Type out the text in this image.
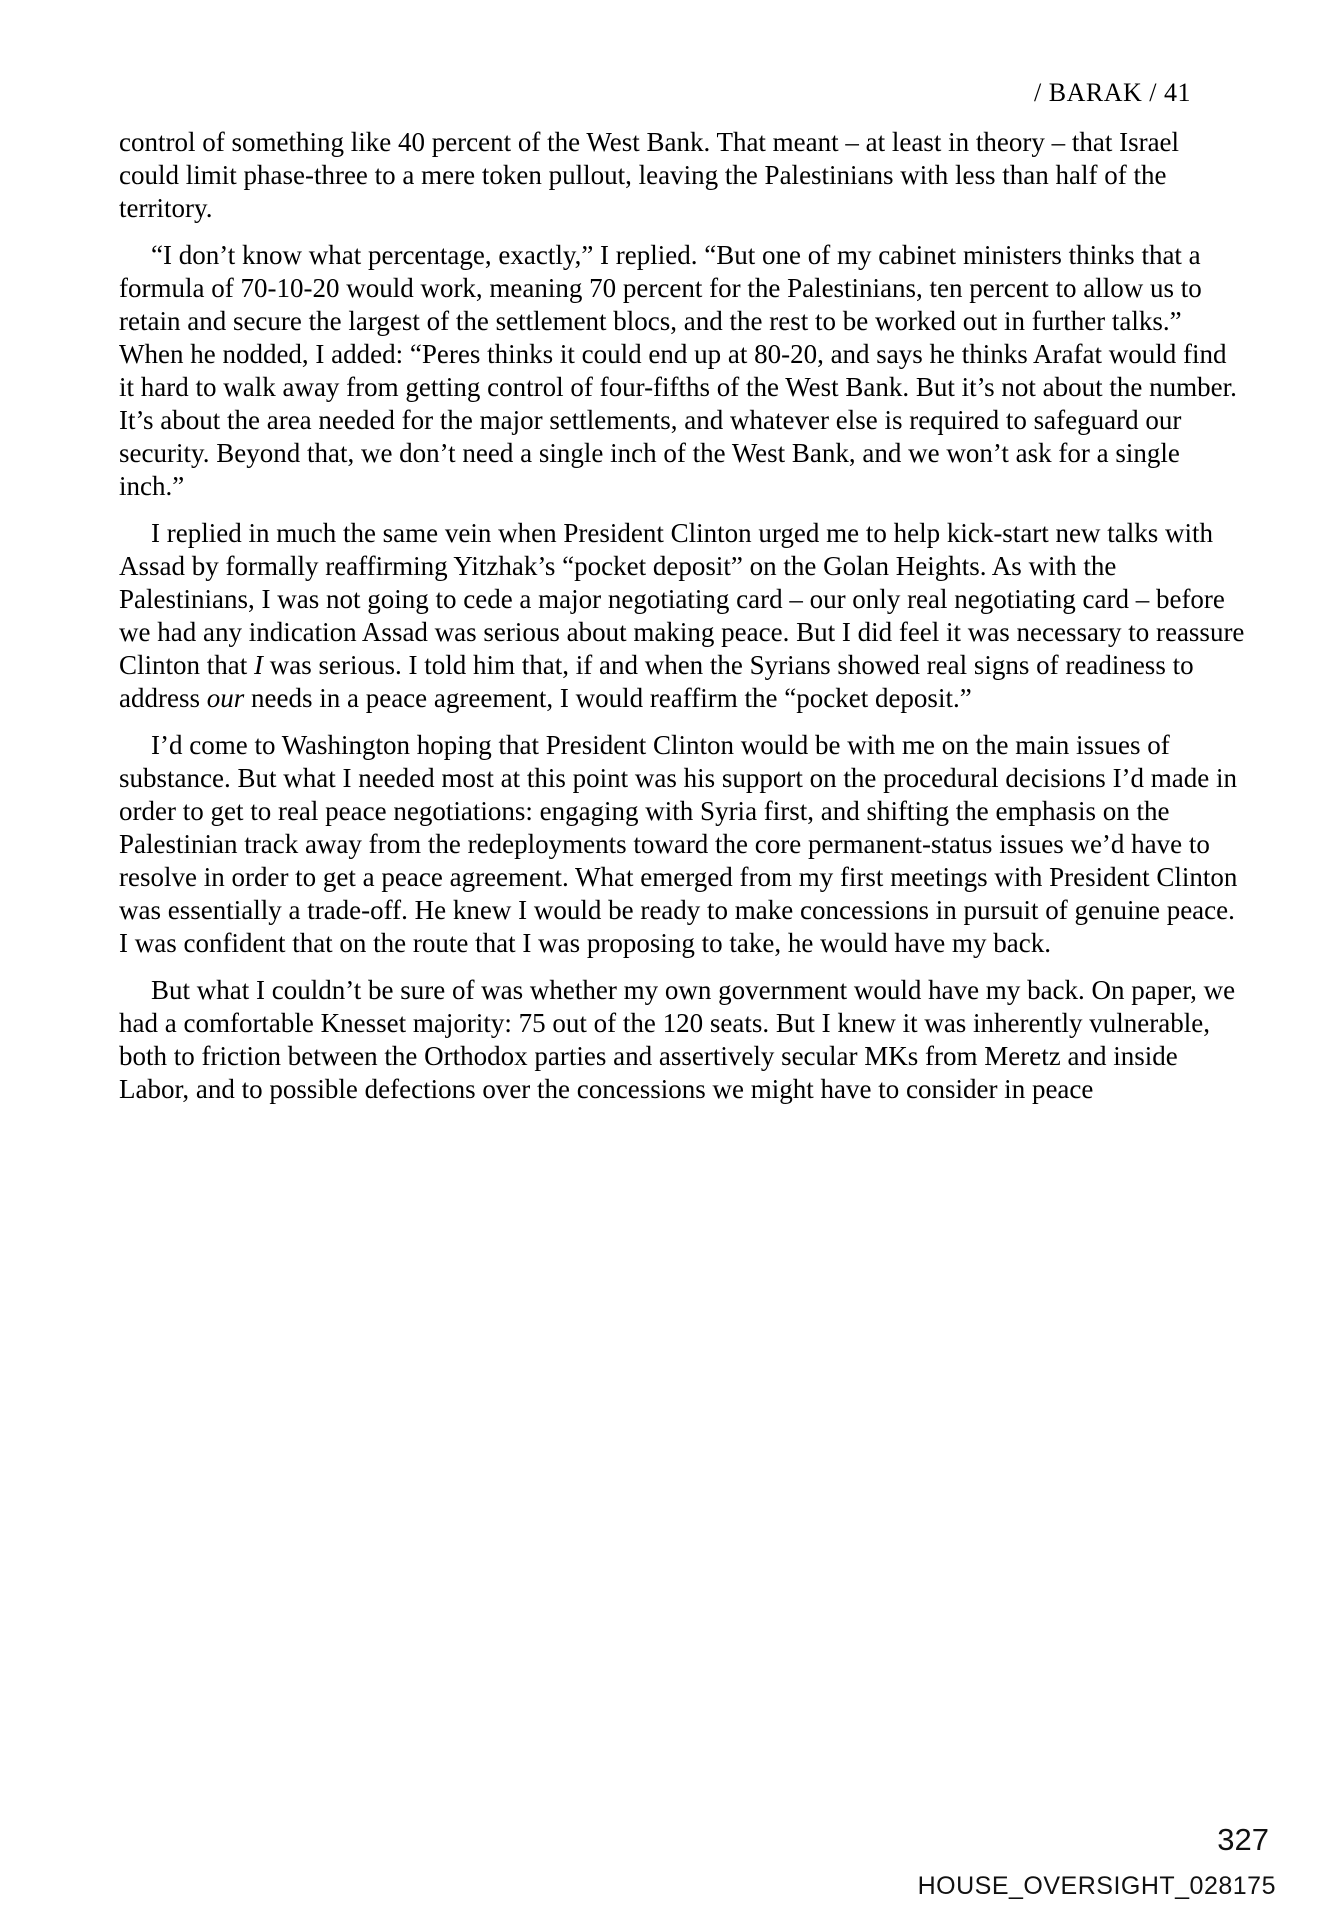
/ BARAK / 41

control of something like 40 percent of the West Bank. That meant – at least in theory – that Israel could limit phase-three to a mere token pullout, leaving the Palestinians with less than half of the territory.

“I don’t know what percentage, exactly,” I replied. “But one of my cabinet ministers thinks that a formula of 70-10-20 would work, meaning 70 percent for the Palestinians, ten percent to allow us to retain and secure the largest of the settlement blocs, and the rest to be worked out in further talks.” When he nodded, I added: “Peres thinks it could end up at 80-20, and says he thinks Arafat would find it hard to walk away from getting control of four-fifths of the West Bank. But it’s not about the number. It’s about the area needed for the major settlements, and whatever else is required to safeguard our security. Beyond that, we don’t need a single inch of the West Bank, and we won’t ask for a single inch.”

I replied in much the same vein when President Clinton urged me to help kick-start new talks with Assad by formally reaffirming Yitzhak’s “pocket deposit” on the Golan Heights. As with the Palestinians, I was not going to cede a major negotiating card – our only real negotiating card – before we had any indication Assad was serious about making peace. But I did feel it was necessary to reassure Clinton that I was serious. I told him that, if and when the Syrians showed real signs of readiness to address our needs in a peace agreement, I would reaffirm the “pocket deposit.”

I’d come to Washington hoping that President Clinton would be with me on the main issues of substance. But what I needed most at this point was his support on the procedural decisions I’d made in order to get to real peace negotiations: engaging with Syria first, and shifting the emphasis on the Palestinian track away from the redeployments toward the core permanent-status issues we’d have to resolve in order to get a peace agreement. What emerged from my first meetings with President Clinton was essentially a trade-off. He knew I would be ready to make concessions in pursuit of genuine peace. I was confident that on the route that I was proposing to take, he would have my back.

But what I couldn’t be sure of was whether my own government would have my back. On paper, we had a comfortable Knesset majority: 75 out of the 120 seats. But I knew it was inherently vulnerable, both to friction between the Orthodox parties and assertively secular MKs from Meretz and inside Labor, and to possible defections over the concessions we might have to consider in peace

327
HOUSE_OVERSIGHT_028175
